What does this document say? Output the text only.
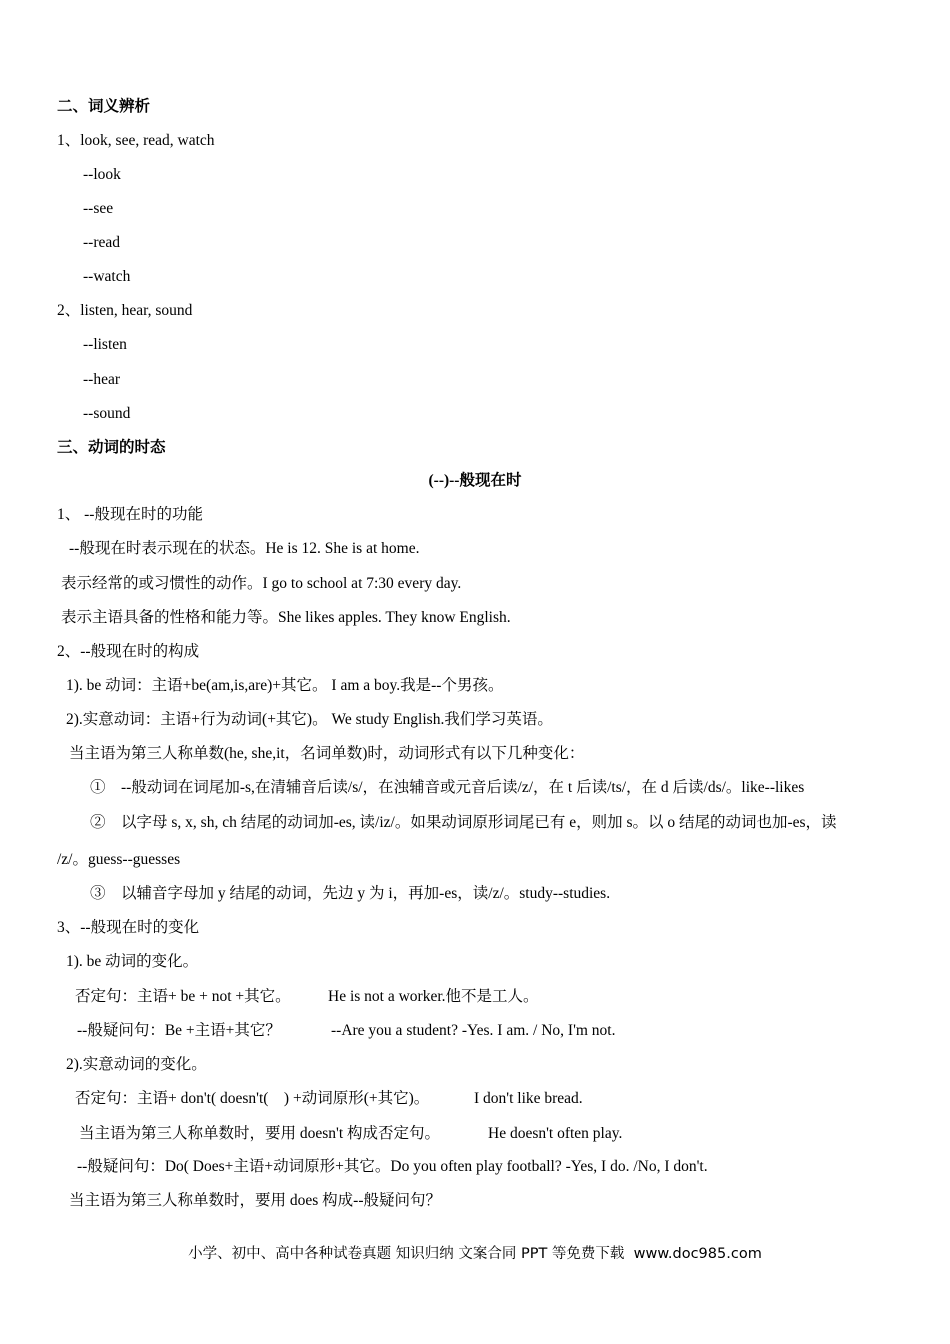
二、词义辨析
1、look, see, read, watch
--look
--see
--read
--watch
2、listen, hear, sound
--listen
--hear
--sound
三、动词的时态
(--)--般现在时
1、 --般现在时的功能
--般现在时表示现在的状态。He is 12. She is at home.
表示经常的或习惯性的动作。I go to school at 7:30 every day.
表示主语具备的性格和能力等。She likes apples. They know English.
2、--般现在时的构成
1). be 动词：主语+be(am,is,are)+其它。 I am a boy.我是--个男孩。
2).实意动词：主语+行为动词(+其它)。 We study English.我们学习英语。
当主语为第三人称单数(he, she,it，名词单数)时，动词形式有以下几种变化：
①　--般动词在词尾加-s,在清辅音后读/s/，在浊辅音或元音后读/z/，在 t 后读/ts/，在 d 后读/ds/。like--likes
②　以字母 s, x, sh, ch 结尾的动词加-es, 读/iz/。如果动词原形词尾已有 e，则加 s。以 o 结尾的动词也加-es，读
/z/。guess--guesses
③　以辅音字母加 y 结尾的动词，先边 y 为 i，再加-es，读/z/。study--studies.
3、--般现在时的变化
1). be 动词的变化。
否定句：主语+ be + not +其它。 He is not a worker.他不是工人。
--般疑问句：Be +主语+其它？	--Are you a student? -Yes. I am. / No, I'm not.
2).实意动词的变化。
否定句：主语+ don't( doesn't(　) +动词原形(+其它)。	I don't like bread.
当主语为第三人称单数时，要用 doesn't 构成否定句。	He doesn't often play.
--般疑问句：Do( Does+主语+动词原形+其它。Do you often play football? -Yes, I do. /No, I don't.
当主语为第三人称单数时，要用 does 构成--般疑问句？
小学、初中、高中各种试卷真题 知识归纳 文案合同 PPT 等免费下载 www.doc985.com
